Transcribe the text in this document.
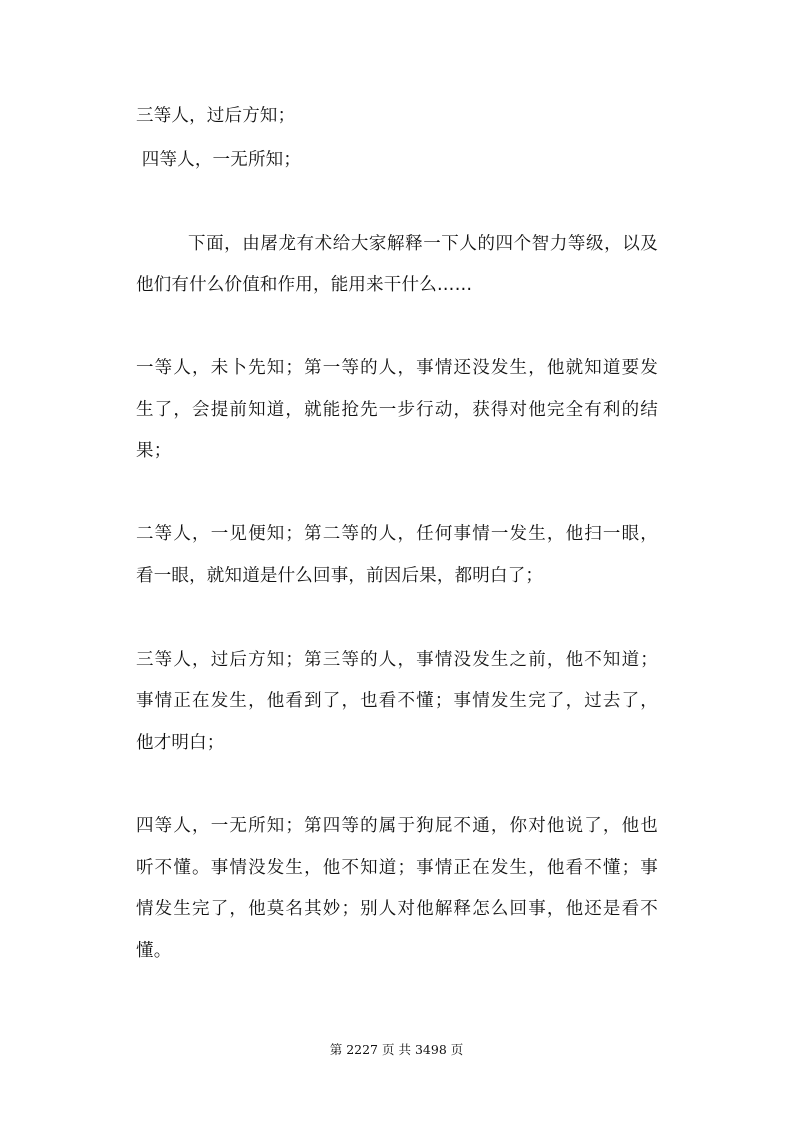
三等人，过后方知；
四等人，一无所知；
下面，由屠龙有术给大家解释一下人的四个智力等级，以及
他们有什么价值和作用，能用来干什么……
一等人，未卜先知；第一等的人，事情还没发生，他就知道要发
生了，会提前知道，就能抢先一步行动，获得对他完全有利的结
果；
二等人，一见便知；第二等的人，任何事情一发生，他扫一眼，
看一眼，就知道是什么回事，前因后果，都明白了；
三等人，过后方知；第三等的人，事情没发生之前，他不知道；
事情正在发生，他看到了，也看不懂；事情发生完了，过去了，
他才明白；
四等人，一无所知；第四等的属于狗屁不通，你对他说了，他也
听不懂。事情没发生，他不知道；事情正在发生，他看不懂；事
情发生完了，他莫名其妙；别人对他解释怎么回事，他还是看不
懂。
第 2227 页 共 3498 页
